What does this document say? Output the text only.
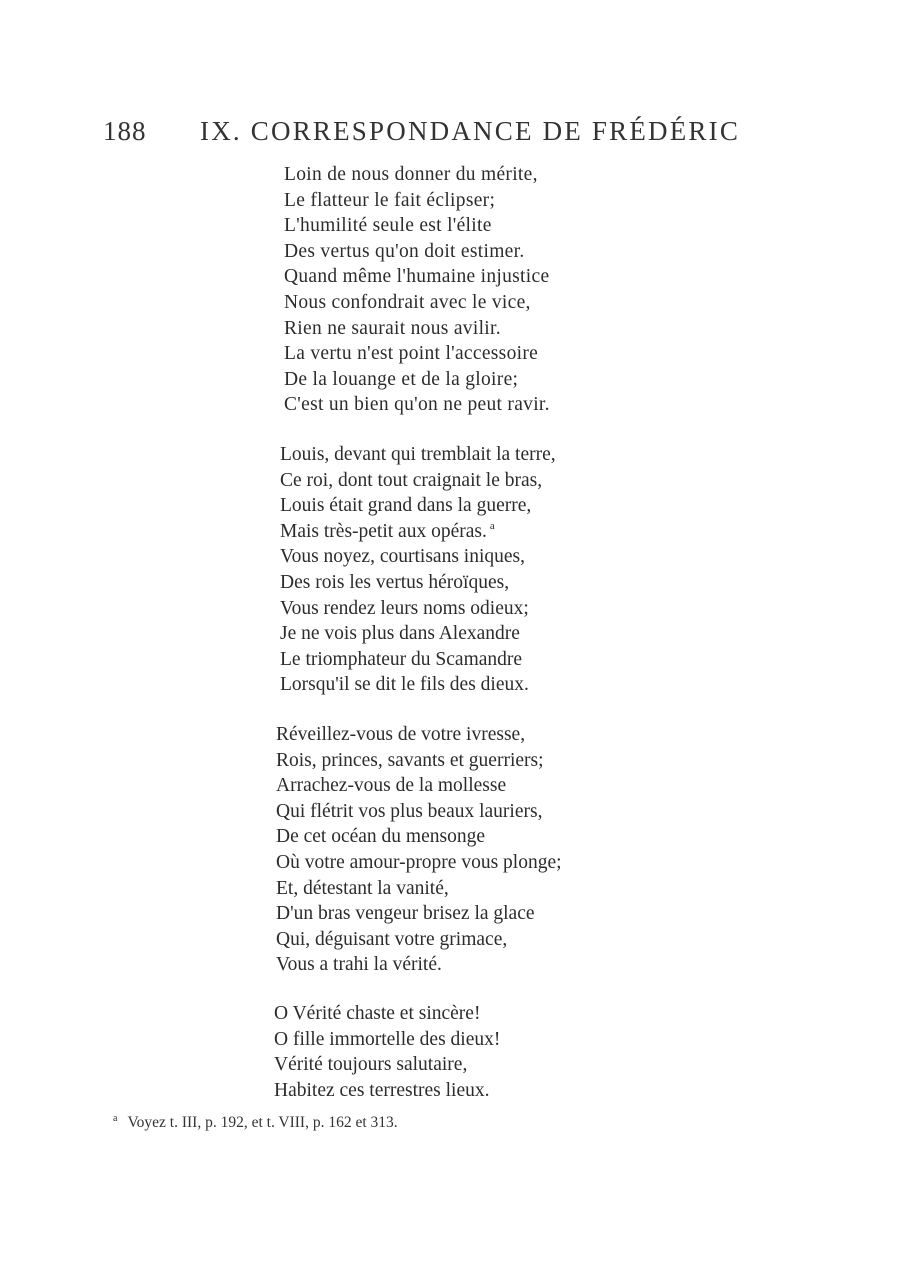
188 IX. CORRESPONDANCE DE FRÉDÉRIC
Loin de nous donner du mérite,
Le flatteur le fait éclipser;
L'humilité seule est l'élite
Des vertus qu'on doit estimer.
Quand même l'humaine injustice
Nous confondrait avec le vice,
Rien ne saurait nous avilir.
La vertu n'est point l'accessoire
De la louange et de la gloire;
C'est un bien qu'on ne peut ravir.
Louis, devant qui tremblait la terre,
Ce roi, dont tout craignait le bras,
Louis était grand dans la guerre,
Mais très-petit aux opéras. $^a$
Vous noyez, courtisans iniques,
Des rois les vertus héroïques,
Vous rendez leurs noms odieux;
Je ne vois plus dans Alexandre
Le triomphateur du Scamandre
Lorsqu'il se dit le fils des dieux.
Réveillez-vous de votre ivresse,
Rois, princes, savants et guerriers;
Arrachez-vous de la mollesse
Qui flétrit vos plus beaux lauriers,
De cet océan du mensonge
Où votre amour-propre vous plonge;
Et, détestant la vanité,
D'un bras vengeur brisez la glace
Qui, déguisant votre grimace,
Vous a trahi la vérité.
O Vérité chaste et sincère!
O fille immortelle des dieux!
Vérité toujours salutaire,
Habitez ces terrestres lieux.
$^a$ Voyez t. III, p. 192, et t. VIII, p. 162 et 313.
